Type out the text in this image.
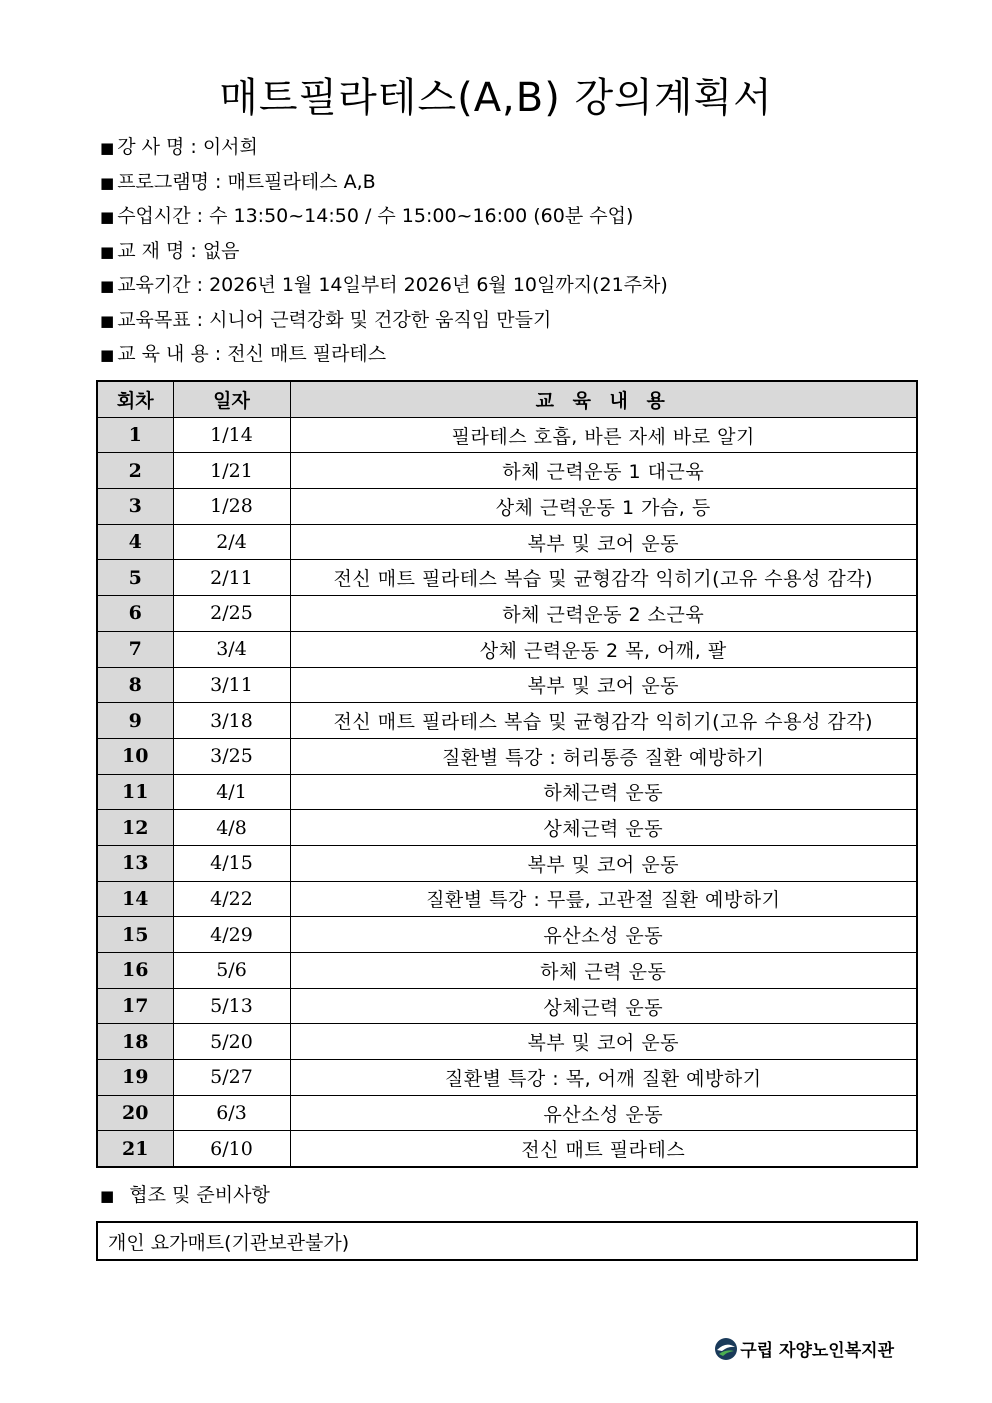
매트필라테스(A,B) 강의계획서
■ 강 사 명 : 이서희
■ 프로그램명 : 매트필라테스 A,B
■ 수업시간 : 수 13:50~14:50 / 수 15:00~16:00 (60분 수업)
■ 교 재 명 : 없음
■ 교육기간 : 2026년 1월 14일부터 2026년 6월 10일까지(21주차)
■ 교육목표 : 시니어 근력강화 및 건강한 움직임 만들기
■ 교 육 내 용 : 전신 매트 필라테스
회차	일자	교 육 내 용
1	1/14	필라테스 호흡, 바른 자세 바로 알기
2	1/21	하체 근력운동 1 대근육
3	1/28	상체 근력운동 1 가슴, 등
4	2/4	복부 및 코어 운동
5	2/11	전신 매트 필라테스 복습 및 균형감각 익히기(고유 수용성 감각)
6	2/25	하체 근력운동 2 소근육
7	3/4	상체 근력운동 2 목, 어깨, 팔
8	3/11	복부 및 코어 운동
9	3/18	전신 매트 필라테스 복습 및 균형감각 익히기(고유 수용성 감각)
10	3/25	질환별 특강 : 허리통증 질환 예방하기
11	4/1	하체근력 운동
12	4/8	상체근력 운동
13	4/15	복부 및 코어 운동
14	4/22	질환별 특강 : 무릎, 고관절 질환 예방하기
15	4/29	유산소성 운동
16	5/6	하체 근력 운동
17	5/13	상체근력 운동
18	5/20	복부 및 코어 운동
19	5/27	질환별 특강 : 목, 어깨 질환 예방하기
20	6/3	유산소성 운동
21	6/10	전신 매트 필라테스
■ 협조 및 준비사항
개인 요가매트(기관보관불가)
구립 자양노인복지관
